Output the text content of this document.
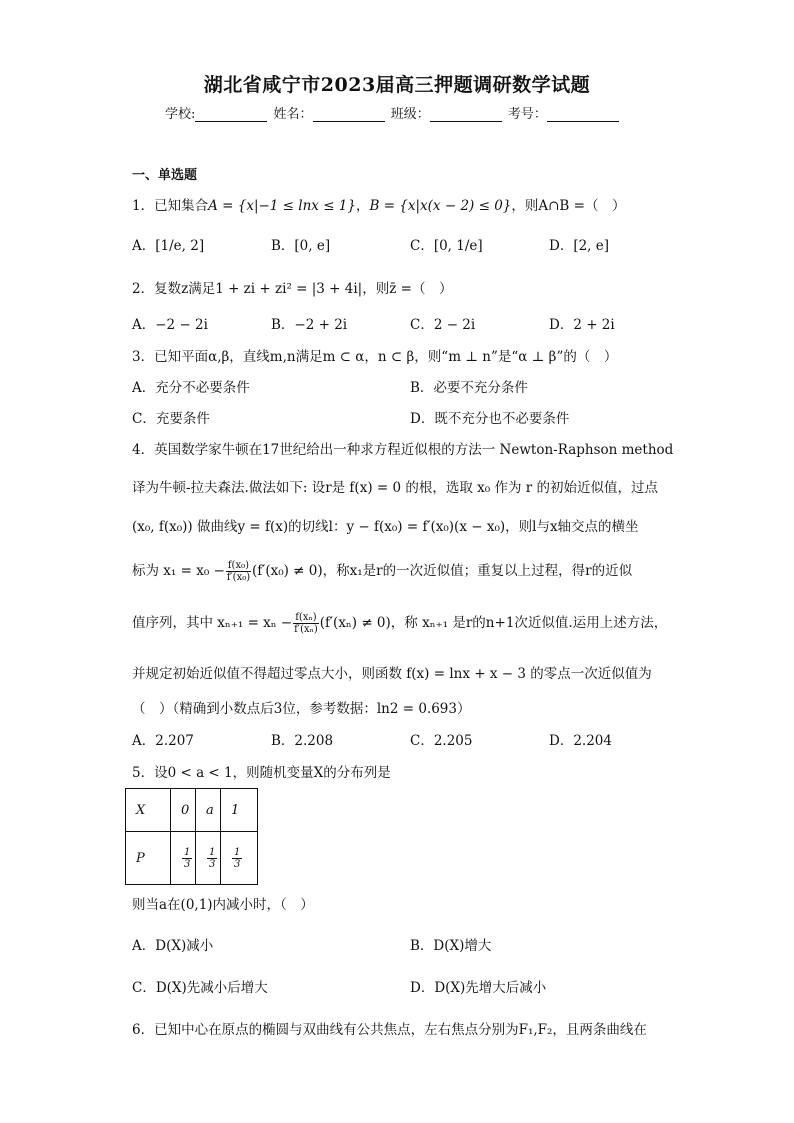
湖北省咸宁市2023届高三押题调研数学试题
学校:	姓名：	班级：	考号：
一、单选题
1．已知集合A = {x|−1 ≤ lnx ≤ 1}，B = {x|x(x − 2) ≤ 0}，则A∩B =（　）
A．[1/e, 2]	B．[0, e]	C．[0, 1/e]	D．[2, e]
2．复数z满足1 + zi + zi² = |3 + 4i|，则z̄ =（　）
A．−2 − 2i	B．−2 + 2i	C．2 − 2i	D．2 + 2i
3．已知平面α,β，直线m,n满足m ⊂ α，n ⊂ β，则“m ⊥ n”是“α ⊥ β”的（　）
A．充分不必要条件	B．必要不充分条件
C．充要条件	D．既不充分也不必要条件
4．英国数学家牛顿在17世纪给出一种求方程近似根的方法一 Newton-Raphson method
译为牛顿-拉夫森法.做法如下: 设r是 f(x) = 0 的根，选取 x₀ 作为 r 的初始近似值，过点
(x₀, f(x₀)) 做曲线y = f(x)的切线l：y − f(x₀) = f′(x₀)(x − x₀)，则l与x轴交点的横坐
标为 $x_1 = x_0 - \frac{\text{f(x₀)}}{\text{f′(x₀)}} (f'(x_0) \ne 0)$，称x₁是r的一次近似值；重复以上过程，得r的近似
值序列，其中 $x_{n+1} = x_n - \frac{\text{f(xₙ)}}{\text{f′(xₙ)}} (f'(x_n) \ne 0)$，称 xₙ₊₁ 是r的n+1次近似值.运用上述方法，
并规定初始近似值不得超过零点大小，则函数 f(x) = lnx + x − 3 的零点一次近似值为
（　）（精确到小数点后3位，参考数据：ln2 = 0.693）
A．2.207	B．2.208	C．2.205	D．2.204
5．设0 < a < 1，则随机变量X的分布列是
X	0	a	1
P	$\frac{1}{3}$	$\frac{1}{3}$	$\frac{1}{3}$
则当a在(0,1)内减小时，（　）
A．D(X)减小	B．D(X)增大
C．D(X)先减小后增大	D．D(X)先增大后减小
6．已知中心在原点的椭圆与双曲线有公共焦点，左右焦点分别为F₁,F₂，且两条曲线在
